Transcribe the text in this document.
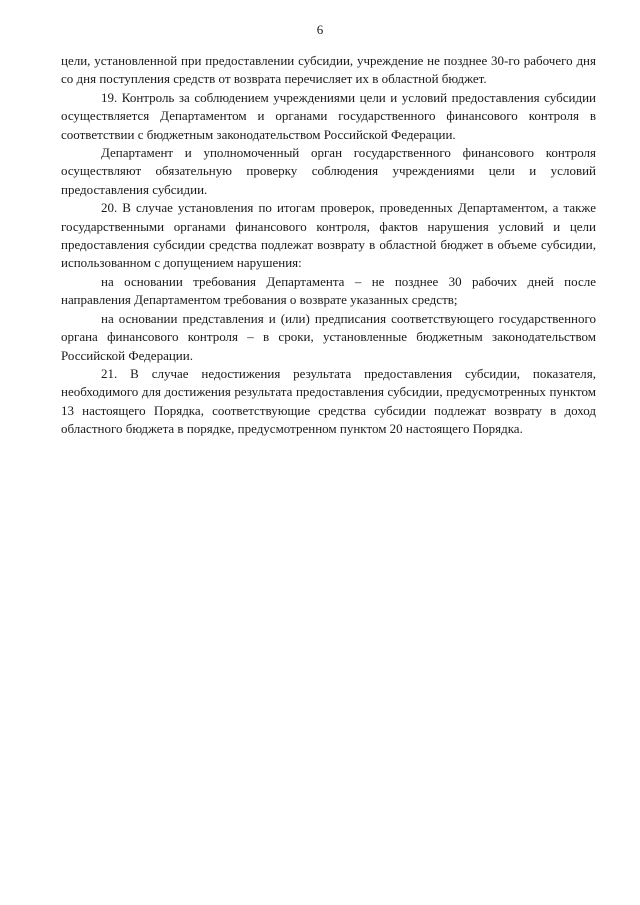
6

цели, установленной при предоставлении субсидии, учреждение не позднее 30-го рабочего дня со дня поступления средств от возврата перечисляет их в областной бюджет.

19. Контроль за соблюдением учреждениями цели и условий предоставления субсидии осуществляется Департаментом и органами государственного финансового контроля в соответствии с бюджетным законодательством Российской Федерации.

Департамент и уполномоченный орган государственного финансового контроля осуществляют обязательную проверку соблюдения учреждениями цели и условий предоставления субсидии.

20. В случае установления по итогам проверок, проведенных Департаментом, а также государственными органами финансового контроля, фактов нарушения условий и цели предоставления субсидии средства подлежат возврату в областной бюджет в объеме субсидии, использованном с допущением нарушения:

на основании требования Департамента – не позднее 30 рабочих дней после направления Департаментом требования о возврате указанных средств;

на основании представления и (или) предписания соответствующего государственного органа финансового контроля – в сроки, установленные бюджетным законодательством Российской Федерации.

21. В случае недостижения результата предоставления субсидии, показателя, необходимого для достижения результата предоставления субсидии, предусмотренных пунктом 13 настоящего Порядка, соответствующие средства субсидии подлежат возврату в доход областного бюджета в порядке, предусмотренном пунктом 20 настоящего Порядка.
